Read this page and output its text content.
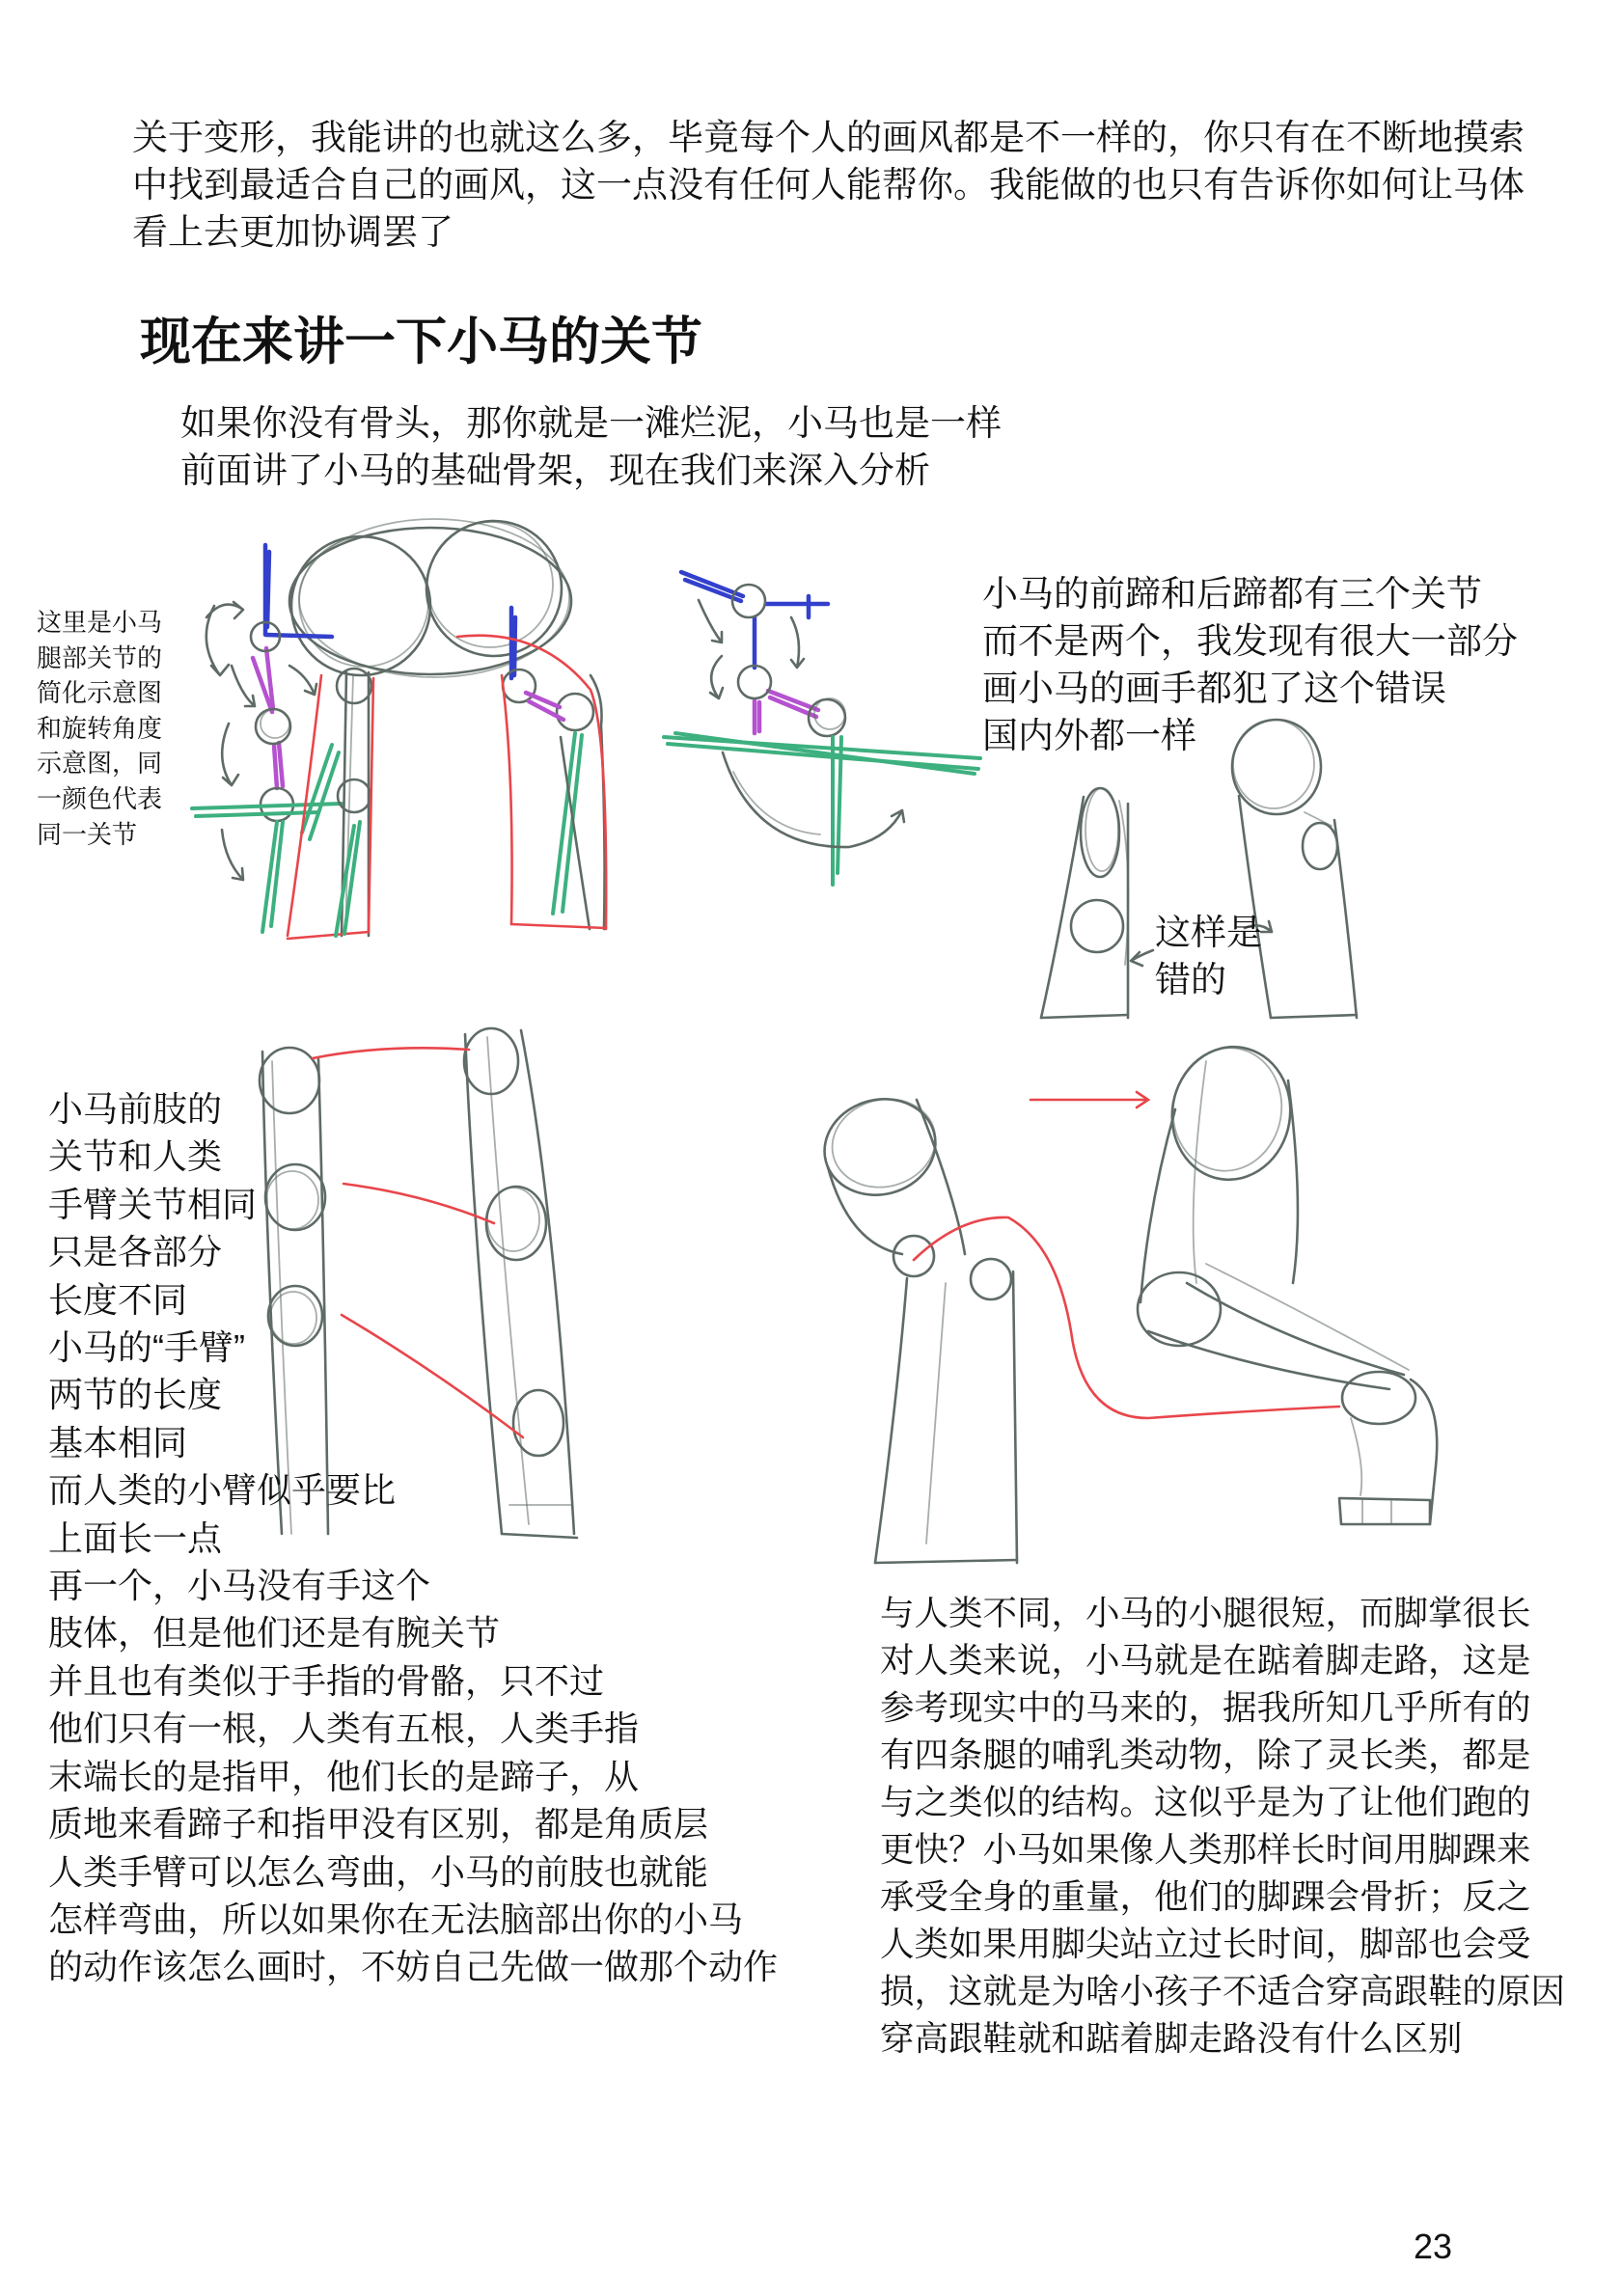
关于变形，我能讲的也就这么多，毕竟每个人的画风都是不一样的，你只有在不断地摸索
中找到最适合自己的画风，这一点没有任何人能帮你。我能做的也只有告诉你如何让马体
看上去更加协调罢了
现在来讲一下小马的关节
如果你没有骨头，那你就是一滩烂泥，小马也是一样
前面讲了小马的基础骨架，现在我们来深入分析
这里是小马
腿部关节的
简化示意图
和旋转角度
示意图，同
一颜色代表
同一关节
小马的前蹄和后蹄都有三个关节
而不是两个，我发现有很大一部分
画小马的画手都犯了这个错误
国内外都一样
这样是
错的
小马前肢的
关节和人类
手臂关节相同
只是各部分
长度不同
小马的“手臂”
两节的长度
基本相同
而人类的小臂似乎要比
上面长一点
再一个，小马没有手这个
肢体，但是他们还是有腕关节
并且也有类似于手指的骨骼，只不过
他们只有一根，人类有五根，人类手指
末端长的是指甲，他们长的是蹄子，从
质地来看蹄子和指甲没有区别，都是角质层
人类手臂可以怎么弯曲，小马的前肢也就能
怎样弯曲，所以如果你在无法脑部出你的小马
的动作该怎么画时，不妨自己先做一做那个动作
与人类不同，小马的小腿很短，而脚掌很长
对人类来说，小马就是在踮着脚走路，这是
参考现实中的马来的，据我所知几乎所有的
有四条腿的哺乳类动物，除了灵长类，都是
与之类似的结构。这似乎是为了让他们跑的
更快？小马如果像人类那样长时间用脚踝来
承受全身的重量，他们的脚踝会骨折；反之
人类如果用脚尖站立过长时间，脚部也会受
损，这就是为啥小孩子不适合穿高跟鞋的原因
穿高跟鞋就和踮着脚走路没有什么区别
23
